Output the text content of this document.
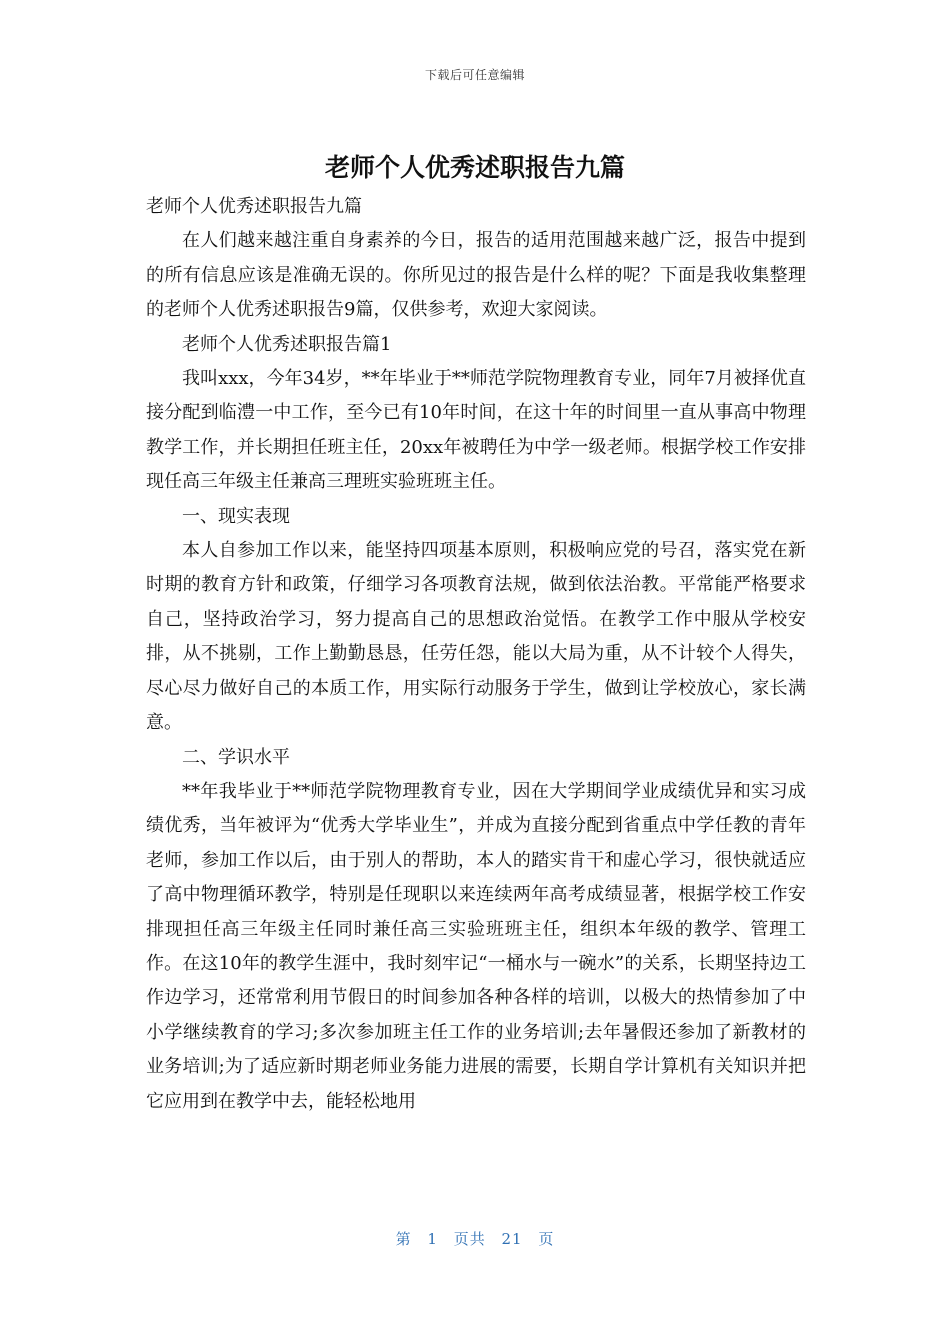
下载后可任意编辑
老师个人优秀述职报告九篇

老师个人优秀述职报告九篇

在人们越来越注重自身素养的今日，报告的适用范围越来越广泛，报告中提到的所有信息应该是准确无误的。你所见过的报告是什么样的呢？下面是我收集整理的老师个人优秀述职报告9篇，仅供参考，欢迎大家阅读。

老师个人优秀述职报告篇1

我叫xxx，今年34岁，**年毕业于**师范学院物理教育专业，同年7月被择优直接分配到临澧一中工作，至今已有10年时间，在这十年的时间里一直从事高中物理教学工作，并长期担任班主任，20xx年被聘任为中学一级老师。根据学校工作安排现任高三年级主任兼高三理班实验班班主任。

一、现实表现

本人自参加工作以来，能坚持四项基本原则，积极响应党的号召，落实党在新时期的教育方针和政策，仔细学习各项教育法规，做到依法治教。平常能严格要求自己，坚持政治学习，努力提高自己的思想政治觉悟。在教学工作中服从学校安排，从不挑剔，工作上勤勤恳恳，任劳任怨，能以大局为重，从不计较个人得失，尽心尽力做好自己的本质工作，用实际行动服务于学生，做到让学校放心，家长满意。

二、学识水平

**年我毕业于**师范学院物理教育专业，因在大学期间学业成绩优异和实习成绩优秀，当年被评为“优秀大学毕业生”，并成为直接分配到省重点中学任教的青年老师，参加工作以后，由于别人的帮助，本人的踏实肯干和虚心学习，很快就适应了高中物理循环教学，特别是任现职以来连续两年高考成绩显著，根据学校工作安排现担任高三年级主任同时兼任高三实验班班主任，组织本年级的教学、管理工作。在这10年的教学生涯中，我时刻牢记“一桶水与一碗水”的关系，长期坚持边工作边学习，还常常利用节假日的时间参加各种各样的培训，以极大的热情参加了中小学继续教育的学习;多次参加班主任工作的业务培训;去年暑假还参加了新教材的业务培训;为了适应新时期老师业务能力进展的需要，长期自学计算机有关知识并把它应用到在教学中去，能轻松地用

第 1 页共 21 页
